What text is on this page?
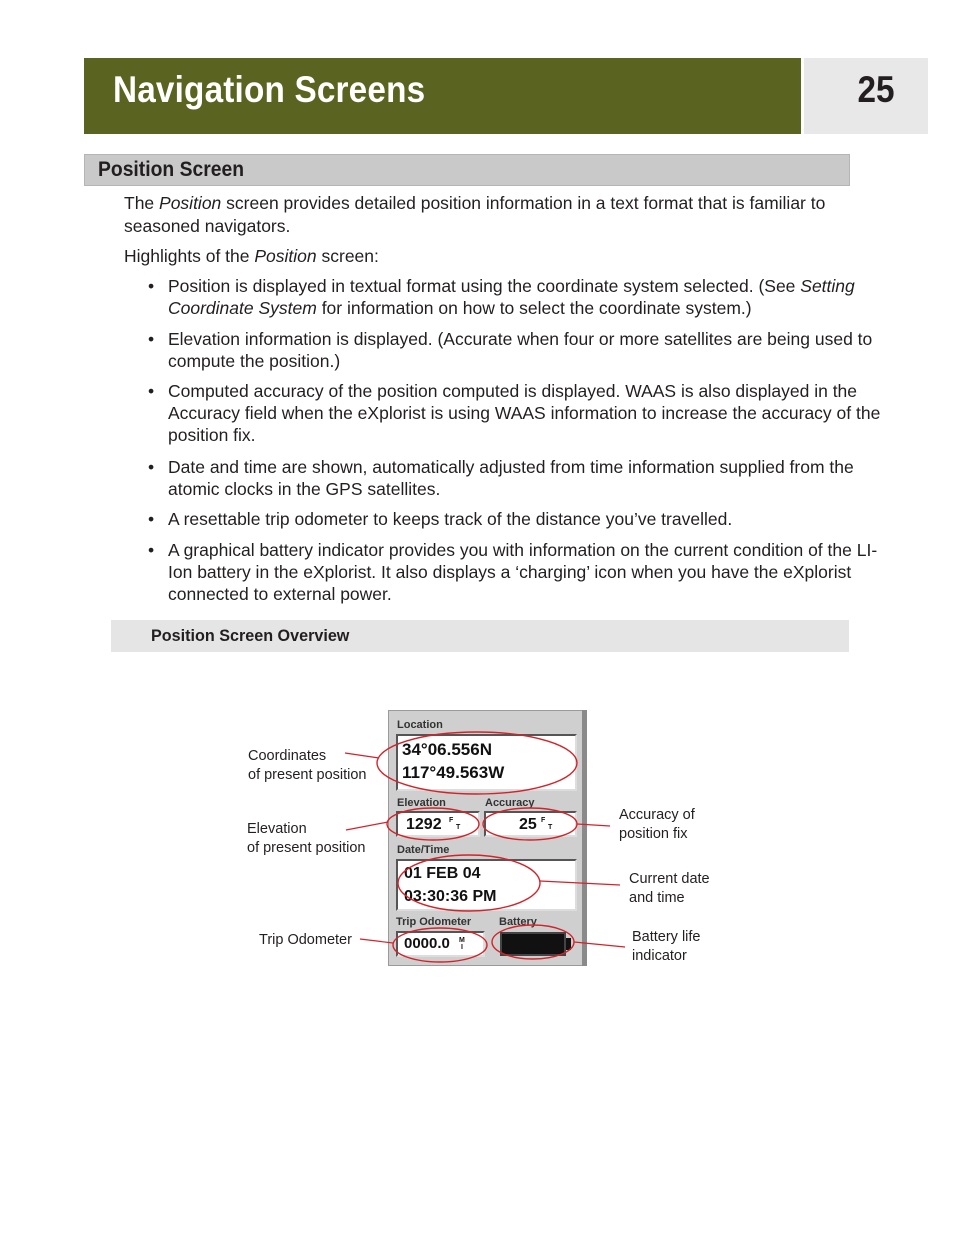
Navigation Screens	25
Position Screen
The Position screen provides detailed position information in a text format that is familiar to seasoned navigators.
Highlights of the Position screen:
• Position is displayed in textual format using the coordinate system selected. (See Setting Coordinate System for information on how to select the coordinate system.)
• Elevation information is displayed. (Accurate when four or more satellites are being used to compute the position.)
• Computed accuracy of the position computed is displayed. WAAS is also displayed in the Accuracy field when the eXplorist is using WAAS information to increase the accuracy of the position fix.
• Date and time are shown, automatically adjusted from time information supplied from the atomic clocks in the GPS satellites.
• A resettable trip odometer to keeps track of the distance you’ve travelled.
• A graphical battery indicator provides you with information on the current condition of the LI-Ion battery in the eXplorist. It also displays a ‘charging’ icon when you have the eXplorist connected to external power.
Position Screen Overview
Location
34°06.556N
117°49.563W
Elevation	Accuracy
1292 F
T	25 F
T
Date/Time
01 FEB 04
03:30:36 PM
Trip Odometer	Battery
0000.0 M
I
Coordinates
of present position
Elevation
of present position
Trip Odometer
Accuracy of
position fix
Current date
and time
Battery life
indicator
